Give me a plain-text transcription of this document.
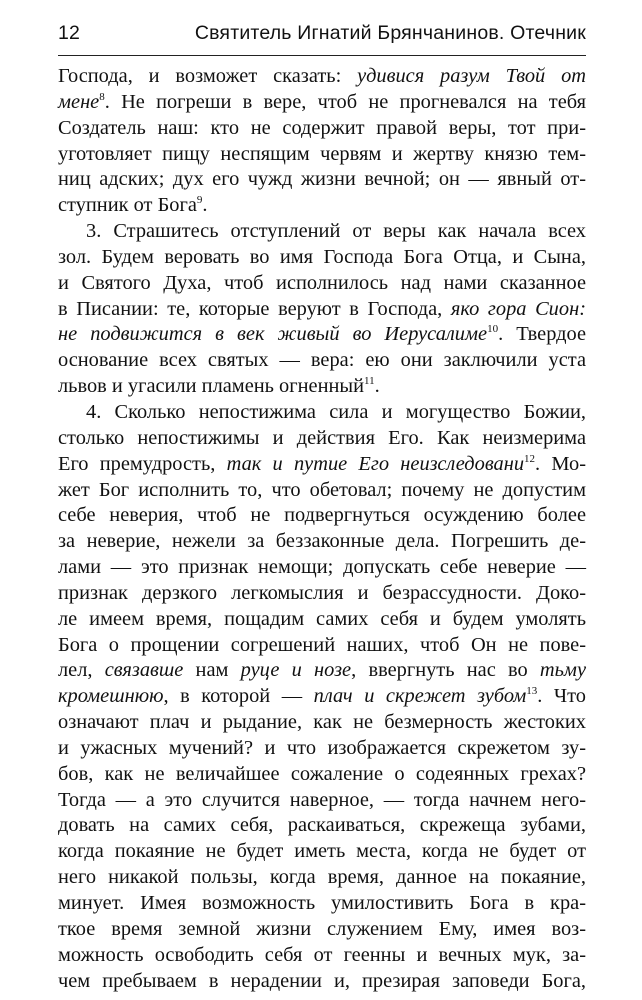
12	Святитель Игнатий Брянчанинов. Отечник
Господа, и возможет сказать: удивися разум Твой от
мене$^8$. Не погреши в вере, чтоб не прогневался на тебя
Создатель наш: кто не содержит правой веры, тот при-
уготовляет пищу неспящим червям и жертву князю тем-
ниц адских; дух его чужд жизни вечной; он — явный от-
ступник от Бога$^9$.
3. Страшитесь отступлений от веры как начала всех
зол. Будем веровать во имя Господа Бога Отца, и Сына,
и Святого Духа, чтоб исполнилось над нами сказанное
в Писании: те, которые веруют в Господа, яко гора Сион:
не подвижится в век живый во Иерусалиме$^{10}$. Твердое
основание всех святых — вера: ею они заключили уста
львов и угасили пламень огненный$^{11}$.
4. Сколько непостижима сила и могущество Божии,
столько непостижимы и действия Его. Как неизмерима
Его премудрость, так и путие Его неизследовани$^{12}$. Мо-
жет Бог исполнить то, что обетовал; почему не допустим
себе неверия, чтоб не подвергнуться осуждению более
за неверие, нежели за беззаконные дела. Погрешить де-
лами — это признак немощи; допускать себе неверие —
признак дерзкого легкомыслия и безрассудности. Доко-
ле имеем время, пощадим самих себя и будем умолять
Бога о прощении согрешений наших, чтоб Он не пове-
лел, связавше нам руце и нозе, ввергнуть нас во тьму
кромешнюю, в которой — плач и скрежет зубом$^{13}$. Что
означают плач и рыдание, как не безмерность жестоких
и ужасных мучений? и что изображается скрежетом зу-
бов, как не величайшее сожаление о содеянных грехах?
Тогда — а это случится наверное, — тогда начнем него-
довать на самих себя, раскаиваться, скрежеща зубами,
когда покаяние не будет иметь места, когда не будет от
него никакой пользы, когда время, данное на покаяние,
минует. Имея возможность умилостивить Бога в кра-
ткое время земной жизни служением Ему, имея воз-
можность освободить себя от геенны и вечных мук, за-
чем пребываем в нерадении и, презирая заповеди Бога,
